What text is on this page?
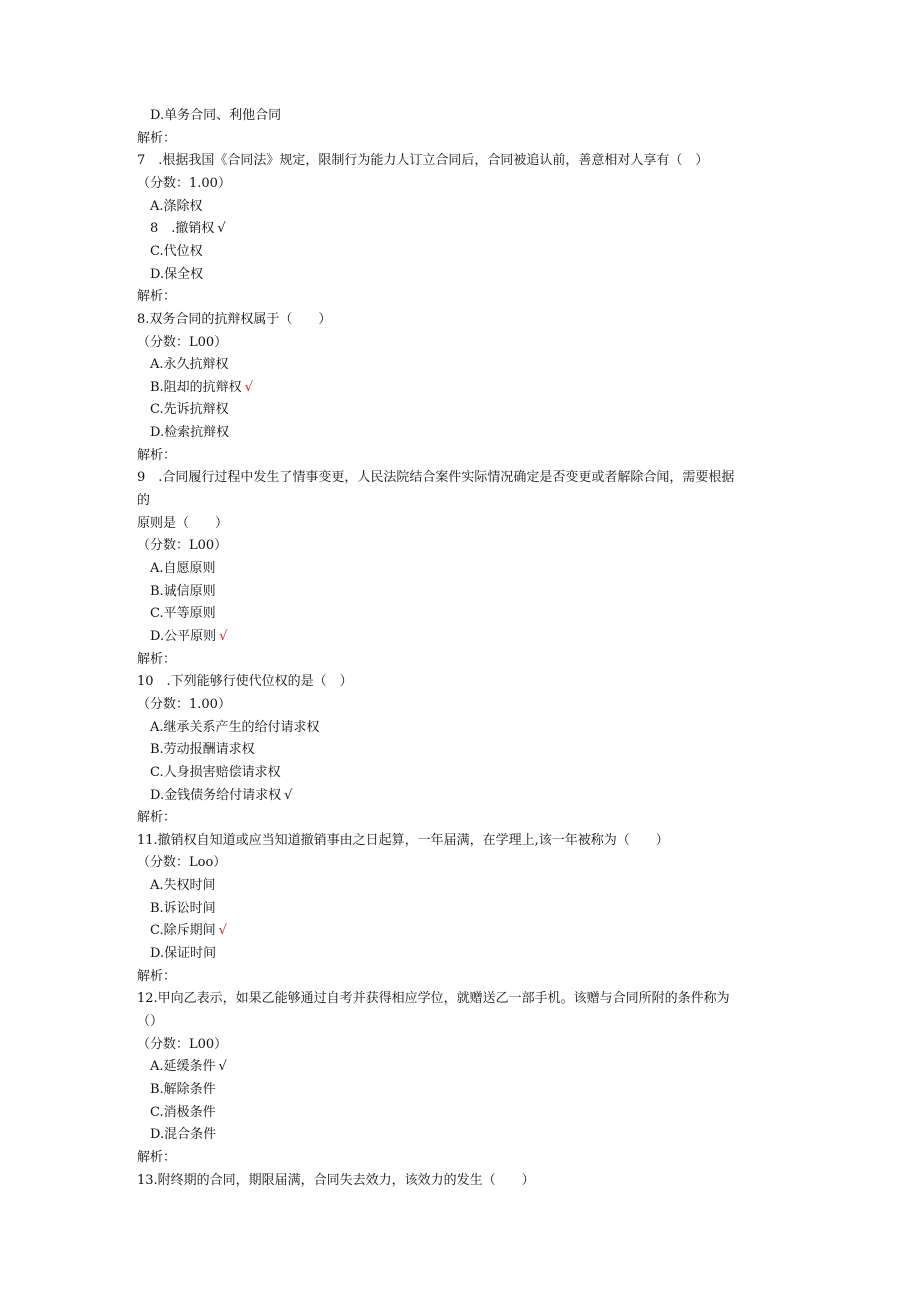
D.单务合同、利他合同
解析：
7　.根据我国《合同法》规定，限制行为能力人订立合同后，合同被追认前，善意相对人享有（　）
（分数：1.00）
A.涤除权
8　.撤销权 √
C.代位权
D.保全权
解析：
8.双务合同的抗辩权属于（　　）
（分数：L00）
A.永久抗辩权
B.阻却的抗辩权 √
C.先诉抗辩权
D.检索抗辩权
解析：
9　.合同履行过程中发生了情事变更，人民法院结合案件实际情况确定是否变更或者解除合闻，需要根据
的
原则是（　　）
（分数：L00）
A.自愿原则
B.诚信原则
C.平等原则
D.公平原则 √
解析：
10　.下列能够行使代位权的是（　）
（分数：1.00）
A.继承关系产生的给付请求权
B.劳动报酬请求权
C.人身损害赔偿请求权
D.金钱债务给付请求权 √
解析：
11.撤销权自知道或应当知道撤销事由之日起算，一年届满，在学理上,该一年被称为（　　）
（分数：Loo）
A.失权时间
B.诉讼时间
C.除斥期间 √
D.保证时间
解析：
12.甲向乙表示，如果乙能够通过自考并获得相应学位，就赠送乙一部手机。该赠与合同所附的条件称为
（）
（分数：L00）
A.延缓条件 √
B.解除条件
C.消极条件
D.混合条件
解析：
13.附终期的合同，期限届满，合同失去效力，该效力的发生（　　）
